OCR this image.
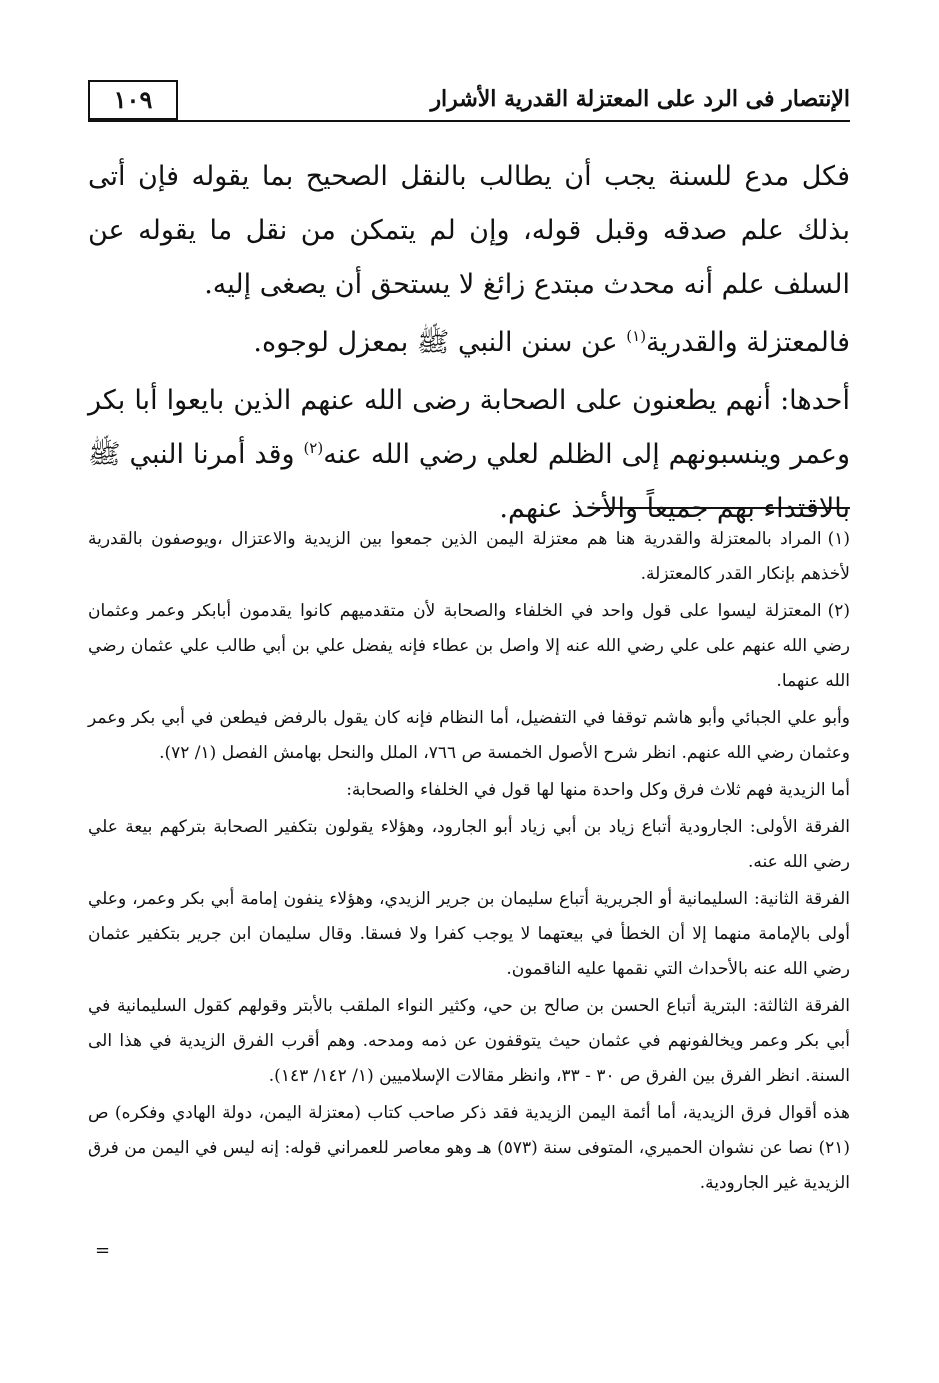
١٠٩	الإنتصار فى الرد على المعتزلة القدرية الأشرار

فكل مدع للسنة يجب أن يطالب بالنقل الصحيح بما يقوله فإن أتى بذلك علم صدقه وقبل قوله، وإن لم يتمكن من نقل ما يقوله عن السلف علم أنه محدث مبتدع زائغ لا يستحق أن يصغى إليه.

فالمعتزلة والقدرية$^{(١)}$ عن سنن النبي ﷺ بمعزل لوجوه.

أحدها: أنهم يطعنون على الصحابة رضى الله عنهم الذين بايعوا أبا بكر وعمر وينسبونهم إلى الظلم لعلي رضي الله عنه$^{(٢)}$ وقد أمرنا النبي ﷺ بالاقتداء بهم جميعاً والأخذ عنهم.

(١)المراد بالمعتزلة والقدرية هنا هم معتزلة اليمن الذين جمعوا بين الزيدية والاعتزال ،ويوصفون بالقدرية لأخذهم بإنكار القدر كالمعتزلة.

(٢)المعتزلة ليسوا على قول واحد في الخلفاء والصحابة لأن متقدميهم كانوا يقدمون أبابكر وعمر وعثمان رضي الله عنهم على علي رضي الله عنه إلا واصل بن عطاء فإنه يفضل علي بن أبي طالب علي عثمان رضي الله عنهما.

وأبو علي الجبائي وأبو هاشم توقفا في التفضيل، أما النظام فإنه كان يقول بالرفض فيطعن في أبي بكر وعمر وعثمان رضي الله عنهم. انظر شرح الأصول الخمسة ص ٧٦٦، الملل والنحل بهامش الفصل (١/ ٧٢).

أما الزيدية فهم ثلاث فرق وكل واحدة منها لها قول في الخلفاء والصحابة:

الفرقة الأولى: الجارودية أتباع زياد بن أبي زياد أبو الجارود، وهؤلاء يقولون بتكفير الصحابة بتركهم بيعة علي رضي الله عنه.

الفرقة الثانية: السليمانية أو الجريرية أتباع سليمان بن جرير الزيدي، وهؤلاء ينفون إمامة أبي بكر وعمر، وعلي أولى بالإمامة منهما إلا أن الخطأ في بيعتهما لا يوجب كفرا ولا فسقا. وقال سليمان ابن جرير بتكفير عثمان رضي الله عنه بالأحداث التي نقمها عليه الناقمون.

الفرقة الثالثة: البترية أتباع الحسن بن صالح بن حي، وكثير النواء الملقب بالأبتر وقولهم كقول السليمانية في أبي بكر وعمر ويخالفونهم في عثمان حيث يتوقفون عن ذمه ومدحه. وهم أقرب الفرق الزيدية في هذا الى السنة. انظر الفرق بين الفرق ص ٣٠ - ٣٣، وانظر مقالات الإسلاميين (١/ ١٤٢/ ١٤٣).

هذه أقوال فرق الزيدية، أما أئمة اليمن الزيدية فقد ذكر صاحب كتاب (معتزلة اليمن، دولة الهادي وفكره) ص (٢١) نصا عن نشوان الحميري، المتوفى سنة (٥٧٣) هـ وهو معاصر للعمراني قوله: إنه ليس في اليمن من فرق الزيدية غير الجارودية.

=
